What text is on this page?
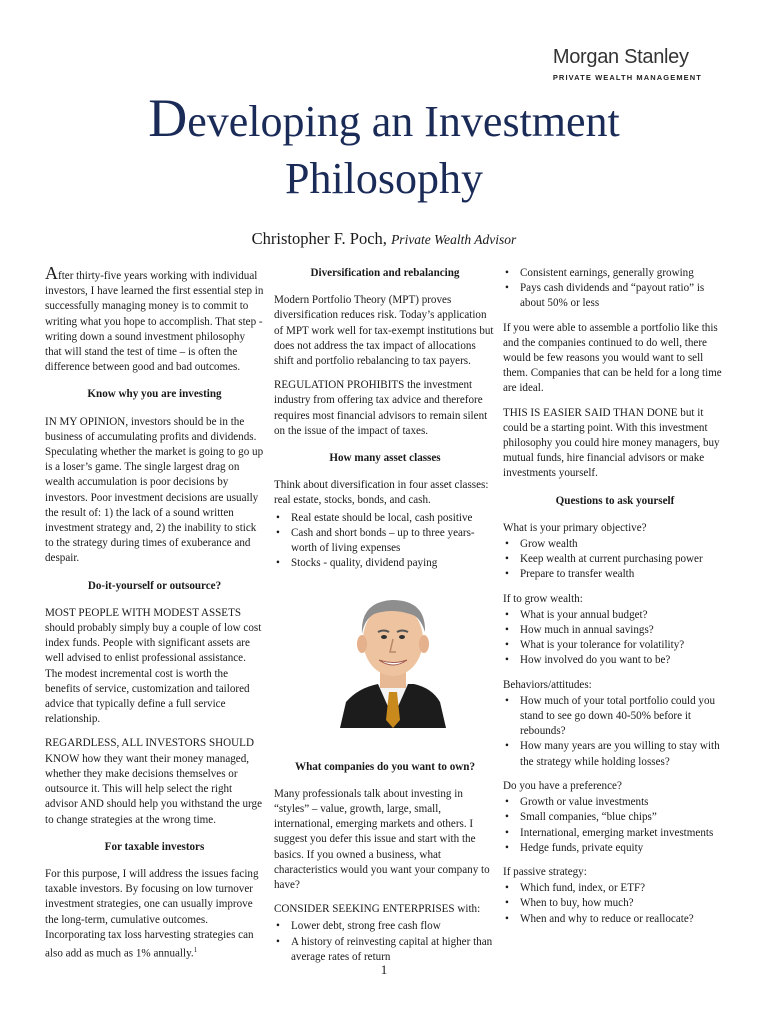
Morgan Stanley
PRIVATE WEALTH MANAGEMENT
Developing an Investment
Philosophy
Christopher F. Poch, Private Wealth Advisor

After thirty-five years working with individual investors, I have learned the first essential step in successfully managing money is to commit to writing what you hope to accomplish. That step - writing down a sound investment philosophy that will stand the test of time – is often the difference between good and bad outcomes.

Know why you are investing

IN MY OPINION, investors should be in the business of accumulating profits and dividends. Speculating whether the market is going to go up is a loser’s game. The single largest drag on wealth accumulation is poor decisions by investors. Poor investment decisions are usually the result of: 1) the lack of a sound written investment strategy and, 2) the inability to stick to the strategy during times of exuberance and despair.

Do-it-yourself or outsource?

MOST PEOPLE WITH MODEST ASSETS should probably simply buy a couple of low cost index funds. People with significant assets are well advised to enlist professional assistance. The modest incremental cost is worth the benefits of service, customization and tailored advice that typically define a full service relationship.

REGARDLESS, ALL INVESTORS SHOULD KNOW how they want their money managed, whether they make decisions themselves or outsource it. This will help select the right advisor AND should help you withstand the urge to change strategies at the wrong time.

For taxable investors

For this purpose, I will address the issues facing taxable investors. By focusing on low turnover investment strategies, one can usually improve the long-term, cumulative outcomes. Incorporating tax loss harvesting strategies can also add as much as 1% annually.$^1$

Diversification and rebalancing

Modern Portfolio Theory (MPT) proves diversification reduces risk. Today’s application of MPT work well for tax-exempt institutions but does not address the tax impact of allocations shift and portfolio rebalancing to tax payers.

REGULATION PROHIBITS the investment industry from offering tax advice and therefore requires most financial advisors to remain silent on the issue of the impact of taxes.

How many asset classes

Think about diversification in four asset classes: real estate, stocks, bonds, and cash.

• Real estate should be local, cash positive
• Cash and short bonds – up to three years-worth of living expenses
• Stocks - quality, dividend paying
What companies do you want to own?

Many professionals talk about investing in “styles” – value, growth, large, small, international, emerging markets and others. I suggest you defer this issue and start with the basics. If you owned a business, what characteristics would you want your company to have?

CONSIDER SEEKING ENTERPRISES with:

• Lower debt, strong free cash flow
• A history of reinvesting capital at higher than average rates of return
• Consistent earnings, generally growing
• Pays cash dividends and “payout ratio” is about 50% or less

If you were able to assemble a portfolio like this and the companies continued to do well, there would be few reasons you would want to sell them. Companies that can be held for a long time are ideal.

THIS IS EASIER SAID THAN DONE but it could be a starting point. With this investment philosophy you could hire money managers, buy mutual funds, hire financial advisors or make investments yourself.

Questions to ask yourself

What is your primary objective?

• Grow wealth
• Keep wealth at current purchasing power
• Prepare to transfer wealth

If to grow wealth:

• What is your annual budget?
• How much in annual savings?
• What is your tolerance for volatility?
• How involved do you want to be?

Behaviors/attitudes:

• How much of your total portfolio could you stand to see go down 40-50% before it rebounds?
• How many years are you willing to stay with the strategy while holding losses?

Do you have a preference?

• Growth or value investments
• Small companies, “blue chips”
• International, emerging market investments
• Hedge funds, private equity

If passive strategy:

• Which fund, index, or ETF?
• When to buy, how much?
• When and why to reduce or reallocate?
1
